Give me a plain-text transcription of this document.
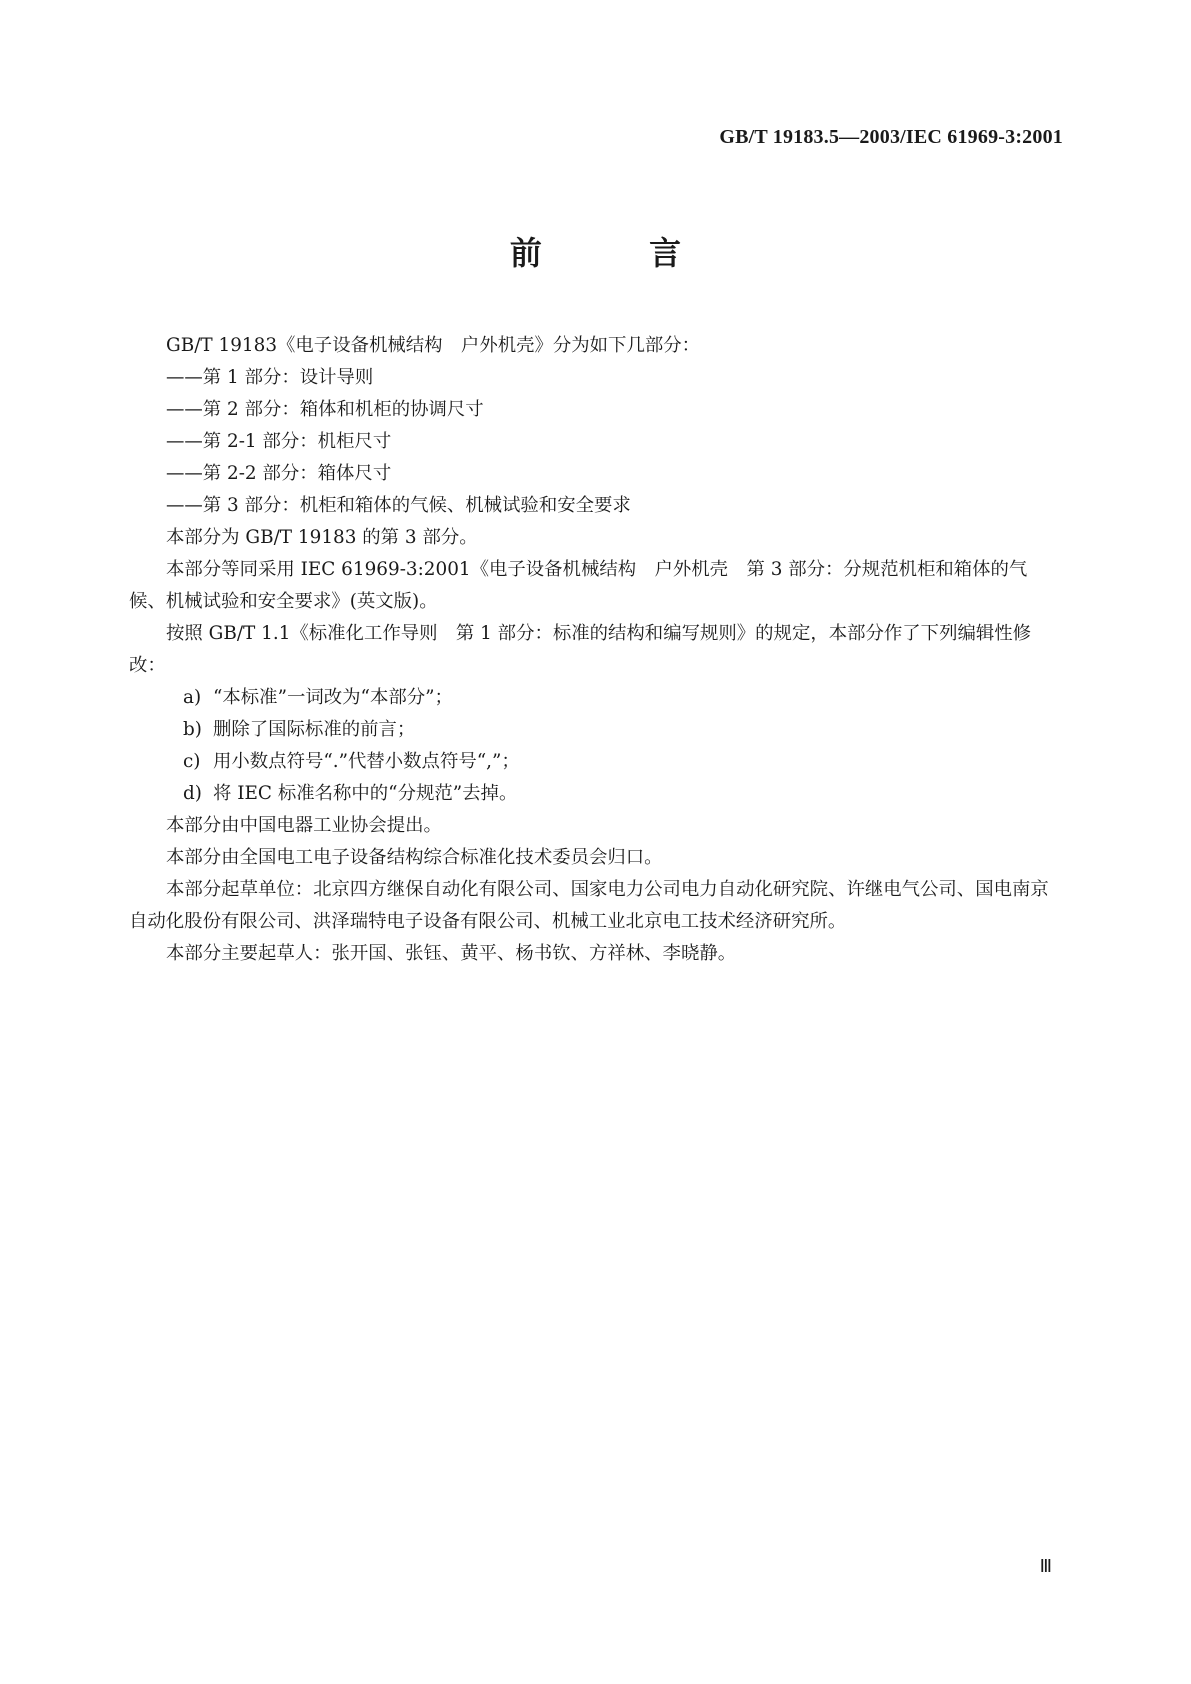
GB/T 19183.5—2003/IEC 61969-3:2001
前 言

GB/T 19183《电子设备机械结构　户外机壳》分为如下几部分：

——第 1 部分：设计导则

——第 2 部分：箱体和机柜的协调尺寸

——第 2-1 部分：机柜尺寸

——第 2-2 部分：箱体尺寸

——第 3 部分：机柜和箱体的气候、机械试验和安全要求

本部分为 GB/T 19183 的第 3 部分。

本部分等同采用 IEC 61969-3:2001《电子设备机械结构　户外机壳　第 3 部分：分规范机柜和箱体的气候、机械试验和安全要求》(英文版)。

按照 GB/T 1.1《标准化工作导则　第 1 部分：标准的结构和编写规则》的规定，本部分作了下列编辑性修改：

a) “本标准”一词改为“本部分”；
b) 删除了国际标准的前言；
c) 用小数点符号“.”代替小数点符号“,”；
d) 将 IEC 标准名称中的“分规范”去掉。

本部分由中国电器工业协会提出。

本部分由全国电工电子设备结构综合标准化技术委员会归口。

本部分起草单位：北京四方继保自动化有限公司、国家电力公司电力自动化研究院、许继电气公司、国电南京自动化股份有限公司、洪泽瑞特电子设备有限公司、机械工业北京电工技术经济研究所。

本部分主要起草人：张开国、张钰、黄平、杨书钦、方祥林、李晓静。

Ⅲ
